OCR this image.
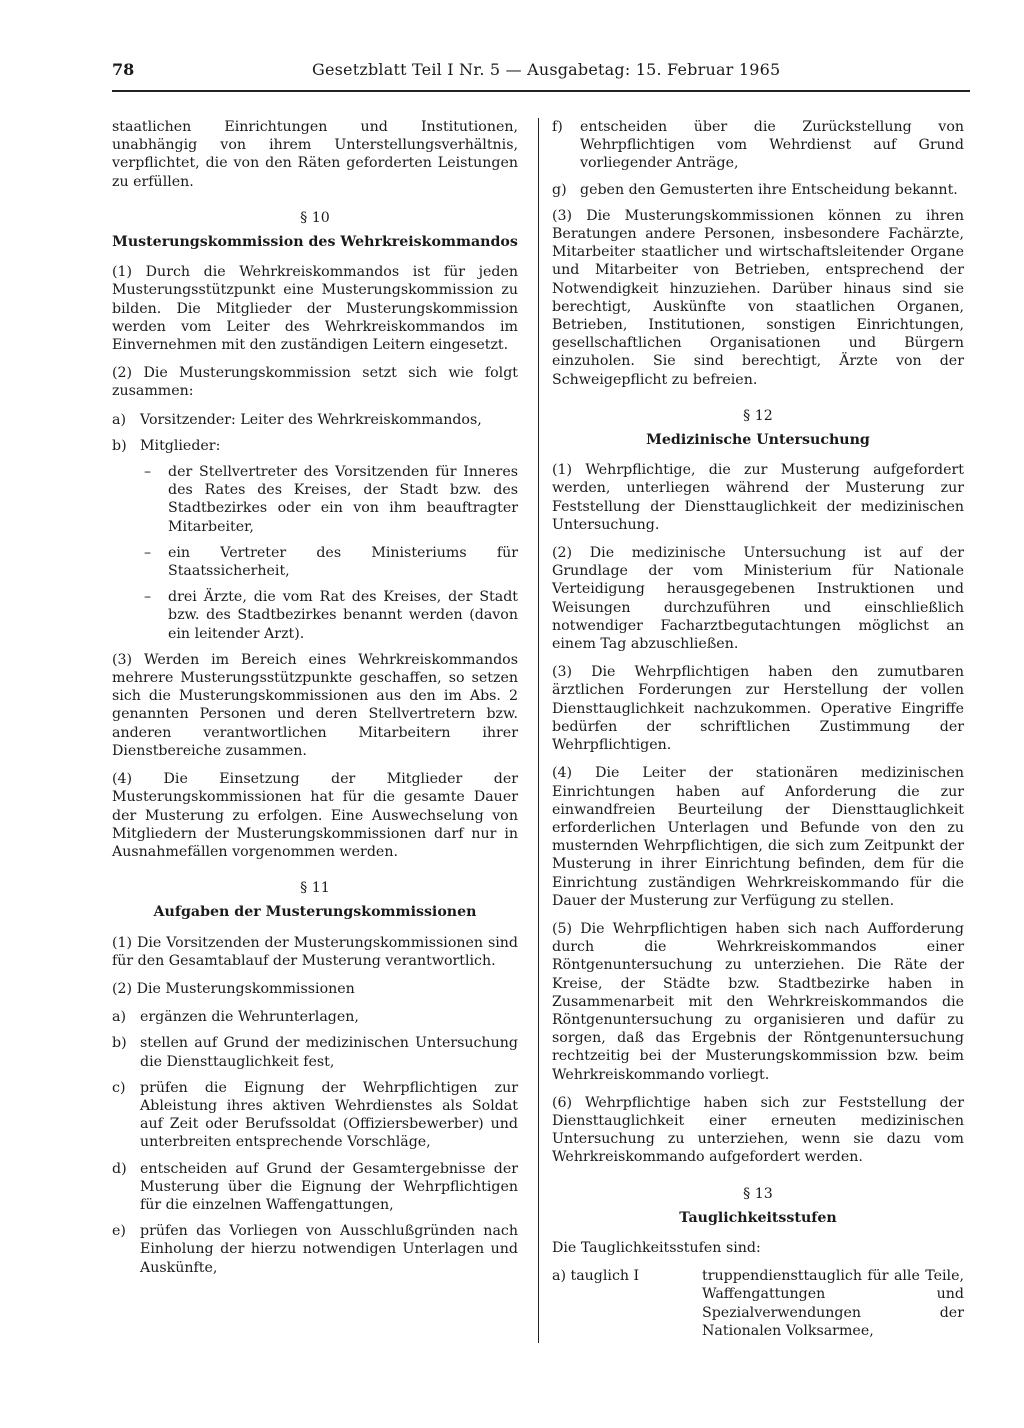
78	Gesetzblatt Teil I Nr. 5 — Ausgabetag: 15. Februar 1965

staatlichen Einrichtungen und Institutionen, unabhängig von ihrem Unterstellungsverhältnis, verpflichtet, die von den Räten geforderten Leistungen zu erfüllen.

§ 10
Musterungskommission des Wehrkreiskommandos

(1) Durch die Wehrkreiskommandos ist für jeden Musterungsstützpunkt eine Musterungskommission zu bilden. Die Mitglieder der Musterungskommission werden vom Leiter des Wehrkreiskommandos im Einvernehmen mit den zuständigen Leitern eingesetzt.

(2) Die Musterungskommission setzt sich wie folgt zusammen:

a) Vorsitzender: Leiter des Wehrkreiskommandos,
b) Mitglieder:
–	der Stellvertreter des Vorsitzenden für Inneres des Rates des Kreises, der Stadt bzw. des Stadtbezirkes oder ein von ihm beauftragter Mitarbeiter,
–	ein Vertreter des Ministeriums für Staatssicherheit,
–	drei Ärzte, die vom Rat des Kreises, der Stadt bzw. des Stadtbezirkes benannt werden (davon ein leitender Arzt).

(3) Werden im Bereich eines Wehrkreiskommandos mehrere Musterungsstützpunkte geschaffen, so setzen sich die Musterungskommissionen aus den im Abs. 2 genannten Personen und deren Stellvertretern bzw. anderen verantwortlichen Mitarbeitern ihrer Dienstbereiche zusammen.

(4) Die Einsetzung der Mitglieder der Musterungskommissionen hat für die gesamte Dauer der Musterung zu erfolgen. Eine Auswechselung von Mitgliedern der Musterungskommissionen darf nur in Ausnahmefällen vorgenommen werden.

§ 11
Aufgaben der Musterungskommissionen

(1) Die Vorsitzenden der Musterungskommissionen sind für den Gesamtablauf der Musterung verantwortlich.

(2) Die Musterungskommissionen

a) ergänzen die Wehrunterlagen,
b) stellen auf Grund der medizinischen Untersuchung die Diensttauglichkeit fest,
c)	prüfen die Eignung der Wehrpflichtigen zur Ableistung ihres aktiven Wehrdienstes als Soldat auf Zeit oder Berufssoldat (Offiziersbewerber) und unterbreiten entsprechende Vorschläge,
d) entscheiden auf Grund der Gesamtergebnisse der Musterung über die Eignung der Wehrpflichtigen für die einzelnen Waffengattungen,
e) prüfen das Vorliegen von Ausschlußgründen nach Einholung der hierzu notwendigen Unterlagen und Auskünfte,
f)	entscheiden über die Zurückstellung von Wehrpflichtigen vom Wehrdienst auf Grund vorliegender Anträge,
g) geben den Gemusterten ihre Entscheidung bekannt.

(3) Die Musterungskommissionen können zu ihren Beratungen andere Personen, insbesondere Fachärzte, Mitarbeiter staatlicher und wirtschaftsleitender Organe und Mitarbeiter von Betrieben, entsprechend der Notwendigkeit hinzuziehen. Darüber hinaus sind sie berechtigt, Auskünfte von staatlichen Organen, Betrieben, Institutionen, sonstigen Einrichtungen, gesellschaftlichen Organisationen und Bürgern einzuholen. Sie sind berechtigt, Ärzte von der Schweigepflicht zu befreien.

§ 12
Medizinische Untersuchung

(1) Wehrpflichtige, die zur Musterung aufgefordert werden, unterliegen während der Musterung zur Feststellung der Diensttauglichkeit der medizinischen Untersuchung.

(2) Die medizinische Untersuchung ist auf der Grundlage der vom Ministerium für Nationale Verteidigung herausgegebenen Instruktionen und Weisungen durchzuführen und einschließlich notwendiger Facharztbegutachtungen möglichst an einem Tag abzuschließen.

(3) Die Wehrpflichtigen haben den zumutbaren ärztlichen Forderungen zur Herstellung der vollen Diensttauglichkeit nachzukommen. Operative Eingriffe bedürfen der schriftlichen Zustimmung der Wehrpflichtigen.

(4) Die Leiter der stationären medizinischen Einrichtungen haben auf Anforderung die zur einwandfreien Beurteilung der Diensttauglichkeit erforderlichen Unterlagen und Befunde von den zu musternden Wehrpflichtigen, die sich zum Zeitpunkt der Musterung in ihrer Einrichtung befinden, dem für die Einrichtung zuständigen Wehrkreiskommando für die Dauer der Musterung zur Verfügung zu stellen.

(5) Die Wehrpflichtigen haben sich nach Aufforderung durch die Wehrkreiskommandos einer Röntgenuntersuchung zu unterziehen. Die Räte der Kreise, der Städte bzw. Stadtbezirke haben in Zusammenarbeit mit den Wehrkreiskommandos die Röntgenuntersuchung zu organisieren und dafür zu sorgen, daß das Ergebnis der Röntgenuntersuchung rechtzeitig bei der Musterungskommission bzw. beim Wehrkreiskommando vorliegt.

(6) Wehrpflichtige haben sich zur Feststellung der Diensttauglichkeit einer erneuten medizinischen Untersuchung zu unterziehen, wenn sie dazu vom Wehrkreiskommando aufgefordert werden.

§ 13
Tauglichkeitsstufen

Die Tauglichkeitsstufen sind:

a) tauglich I	truppendiensttauglich für alle Teile, Waffengattungen und Spezialverwendungen der Nationalen Volksarmee,
